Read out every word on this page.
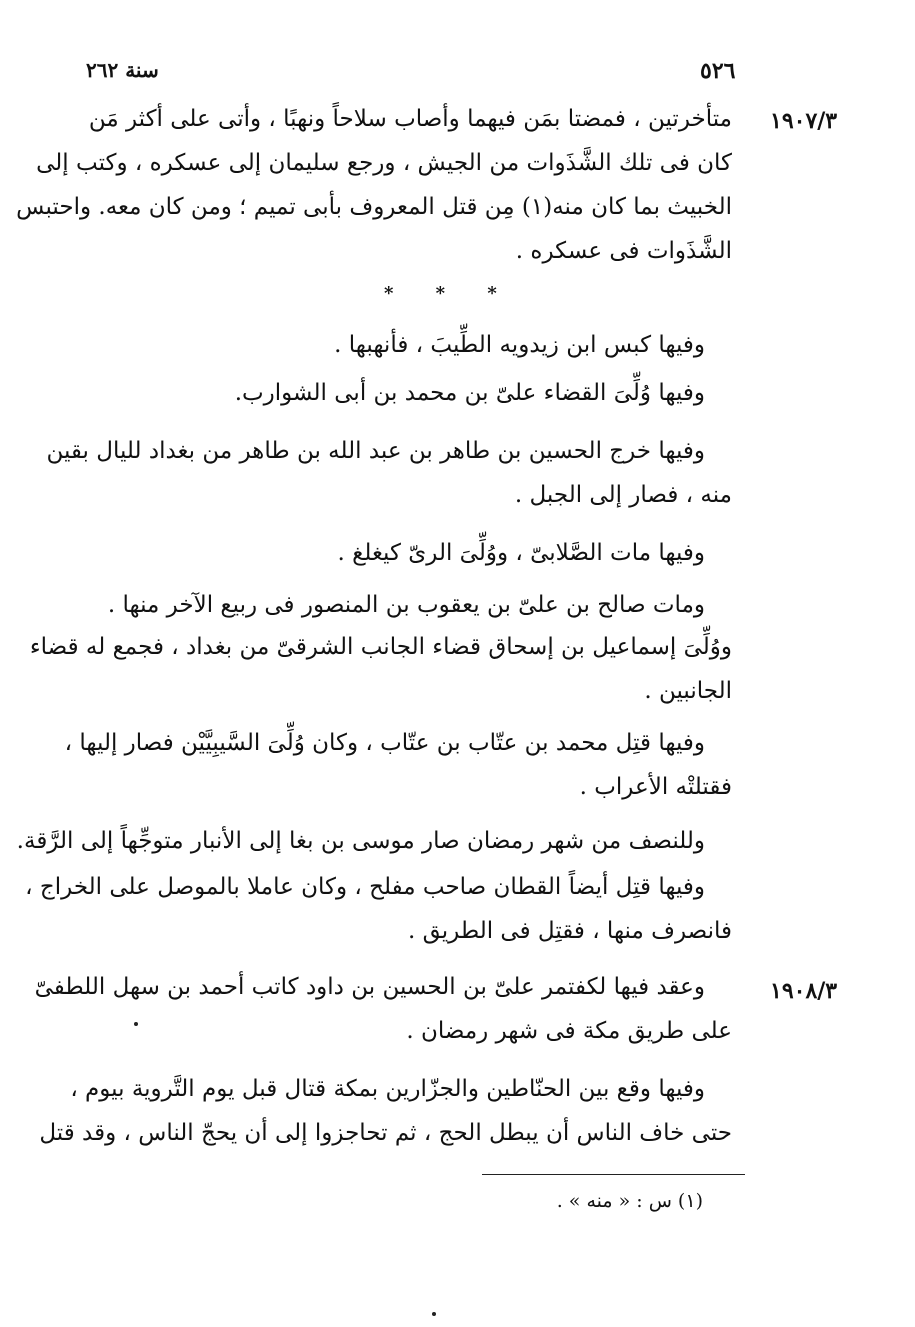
٥٢٦
سنة ٢٦٢
١٩٠٧/٣
١٩٠٨/٣
متأخرتين ، فمضتا بمَن فيهما وأصاب سلاحاً ونهبًا ، وأتى على أكثر مَن
كان فى تلك الشَّذَوات من الجيش ، ورجع سليمان إلى عسكره ، وكتب إلى
الخبيث بما كان منه(١) مِن قتل المعروف بأبى تميم ؛ ومن كان معه. واحتبس
الشَّذَوات فى عسكره .
* * *
وفيها كبس ابن زيدويه الطِّيبَ ، فأنهبها .
وفيها وُلِّىَ القضاء علىّ بن محمد بن أبى الشوارب.
وفيها خرج الحسين بن طاهر بن عبد الله بن طاهر من بغداد لليال بقين
منه ، فصار إلى الجبل .
وفيها مات الصَّلابىّ ، ووُلِّىَ الرىّ كيغلغ .
ومات صالح بن علىّ بن يعقوب بن المنصور فى ربيع الآخر منها .
ووُلِّىَ إسماعيل بن إسحاق قضاء الجانب الشرقىّ من بغداد ، فجمع له قضاء
الجانبين .
وفيها قتِل محمد بن عتّاب بن عتّاب ، وكان وُلِّىَ السَّيبِيَّيْن فصار إليها ،
فقتلتْه الأعراب .
وللنصف من شهر رمضان صار موسى بن بغا إلى الأنبار متوجِّهاً إلى الرَّقة.
وفيها قتِل أيضاً القطان صاحب مفلح ، وكان عاملا بالموصل على الخراج ،
فانصرف منها ، فقتِل فى الطريق .
وعقد فيها لكفتمر علىّ بن الحسين بن داود كاتب أحمد بن سهل اللطفىّ
على طريق مكة فى شهر رمضان .
وفيها وقع بين الحنّاطين والجزّارين بمكة قتال قبل يوم التَّروية بيوم ،
حتى خاف الناس أن يبطل الحج ، ثم تحاجزوا إلى أن يحجّ الناس ، وقد قتل
(١) س : « منه » .
